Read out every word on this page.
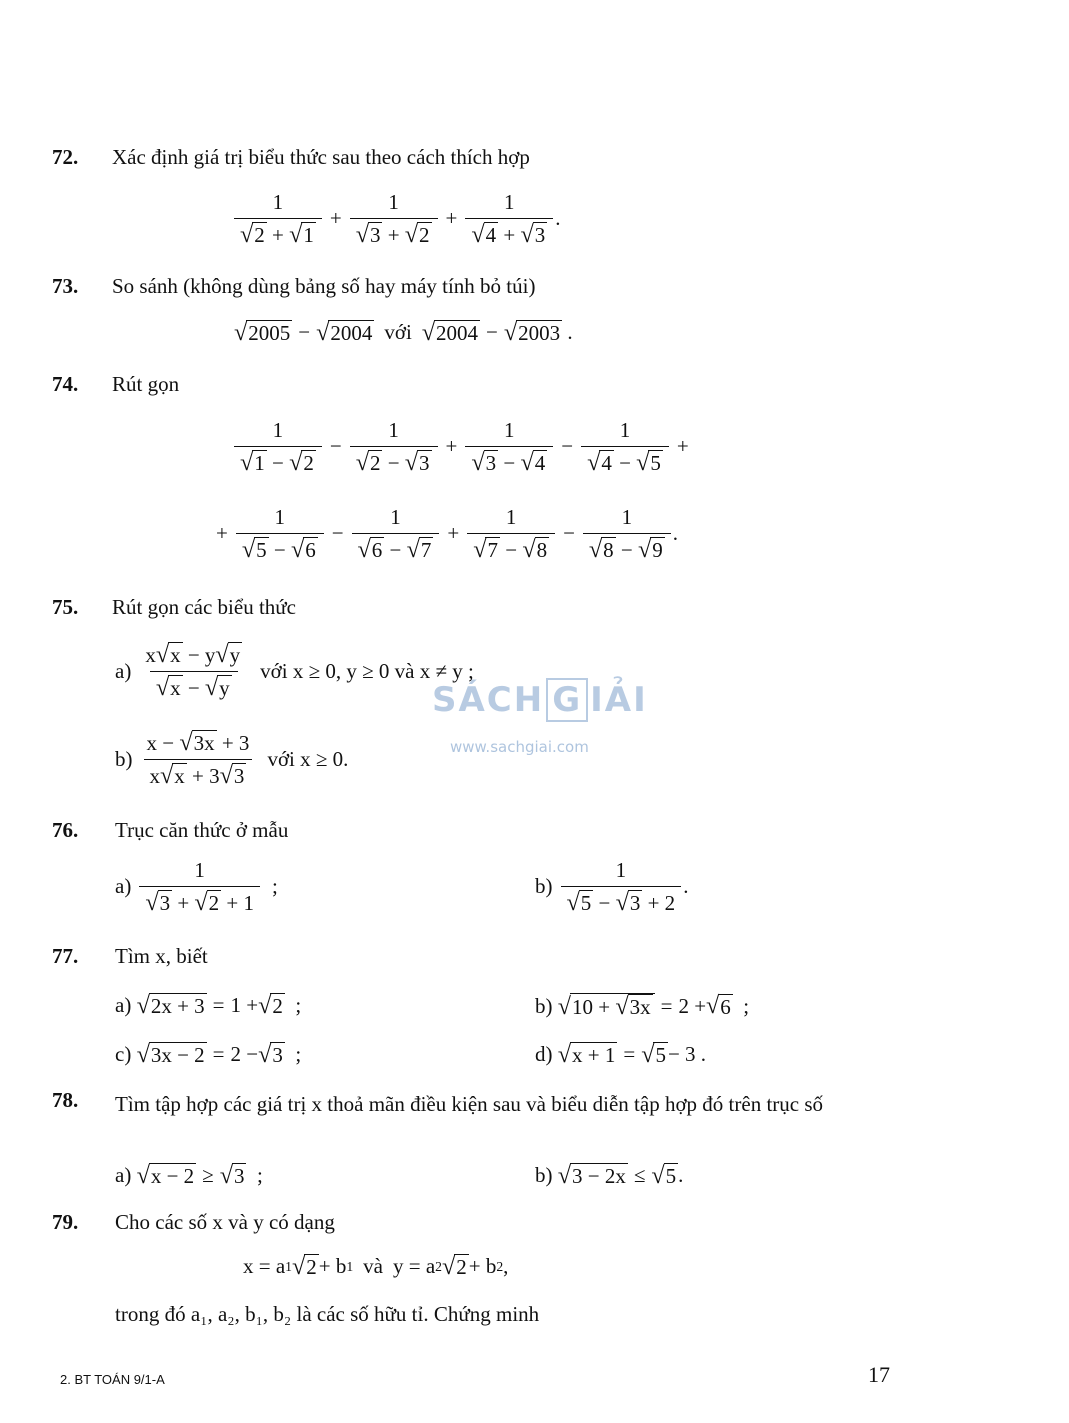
72. Xác định giá trị biểu thức sau theo cách thích hợp
$\frac{1}{√ 2 + √ 1} + \frac{1}{√ 3 + √ 2} + \frac{1}{√ 4 + √ 3}$ .
73. So sánh (không dùng bảng số hay máy tính bỏ túi)
√ 2005 − √ 2004 với √ 2004 − √ 2003 .
74. Rút gọn
$\frac{1}{√ 1 - √ 2} - \frac{1}{√ 2 - √ 3} + \frac{1}{√ 3 - √ 4} - \frac{1}{√ 4 - √ 5}$ +
+ $\frac{1}{√ 5 - √ 6} - \frac{1}{√ 6 - √ 7} + \frac{1}{√ 7 - √ 8} - \frac{1}{√ 8 - √ 9}$ .
75. Rút gọn các biểu thức
$a) \frac{x √ x - y √ y}{√ x - √ y}$ với x ≥ 0, y ≥ 0 và x ≠ y ;
$b) \frac{x - √ 3x + 3}{x √ x + 3 √ 3}$ với x ≥ 0.
SÁCH G IẢI
www.sachgiai.com
76. Trục căn thức ở mẫu
$a) \frac{1}{√ 3 + √ 2 + 1}$ ;	$b) \frac{1}{√ 5 - √ 3 + 2}$ .
77. Tìm x, biết
a)
√ 2x + 3 = 1 + √ 2 ;	b)
√ 10 + √ 3x = 2 + √ 6 ;
c)
√ 3x − 2 = 2 − √ 3 ;	d)
√ x + 1 = √ 5 − 3 .
78. Tìm tập hợp các giá trị x thoả mãn điều kiện sau và biểu diễn tập hợp đó trên trục số
a)
√ x − 2 ≥ √ 3 ;	b)
√ 3 − 2x ≤ √ 5 .
79. Cho các số x và y có dạng
x = a 1 √ 2 + b 1 và y = a 2 √ 2 + b 2 ,
trong đó a₁, a₂, b₁, b₂ là các số hữu tỉ. Chứng minh
2. BT TOÁN 9/1-A	17
